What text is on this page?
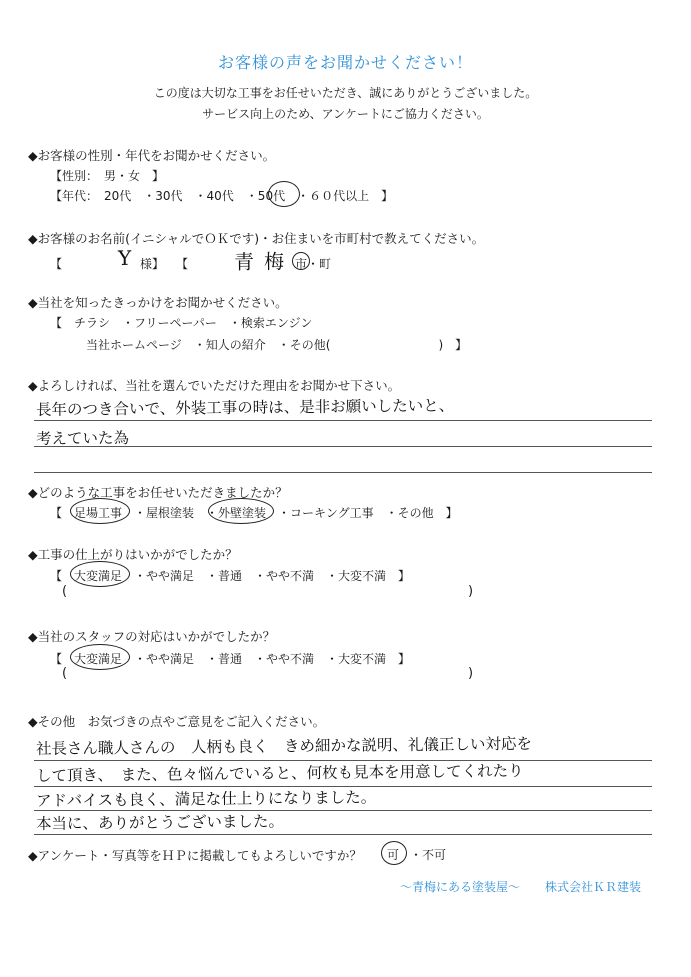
お客様の声をお聞かせください！
この度は大切な工事をお任せいただき、誠にありがとうございました。
サービス向上のため、アンケートにご協力ください。
◆お客様の性別・年代をお聞かせください。
【性別：　男・女　】
【年代：　20代　・30代　・40代　・50代　・６０代以上　】
◆お客様のお名前(イニシャルでＯＫです)・お住まいを市町村で教えてください。
【	Y 様】　　【 青梅 市・町
◆当社を知ったきっかけをお聞かせください。
【　チラシ　・フリーペーパー　・検索エンジン
当社ホームページ　・知人の紹介　・その他(　　　　　　　　　)　】
◆よろしければ、当社を選んでいただけた理由をお聞かせ下さい。
長年のつき合いで、外装工事の時は、是非お願いしたいと、
考えていた為
◆どのような工事をお任せいただきましたか？
【　足場工事　・屋根塗装　・外壁塗装　・コーキング工事　・その他　】
◆工事の仕上がりはいかがでしたか？
【　大変満足　・やや満足　・普通　・やや不満　・大変不満　】
(	)
◆当社のスタッフの対応はいかがでしたか？
【　大変満足　・やや満足　・普通　・やや不満　・大変不満　】
(	)
◆その他　お気づきの点やご意見をご記入ください。
社長さん職人さんの　人柄も良く　きめ細かな説明、礼儀正しい対応を
して頂き、　また、色々悩んでいると、何枚も見本を用意してくれたり
アドバイスも良く、満足な仕上りになりました。
本当に、ありがとうございました。
◆アンケート・写真等をＨＰに掲載してもよろしいですか？ 可 ・不可
～青梅にある塗装屋～ 株式会社ＫＲ建装
